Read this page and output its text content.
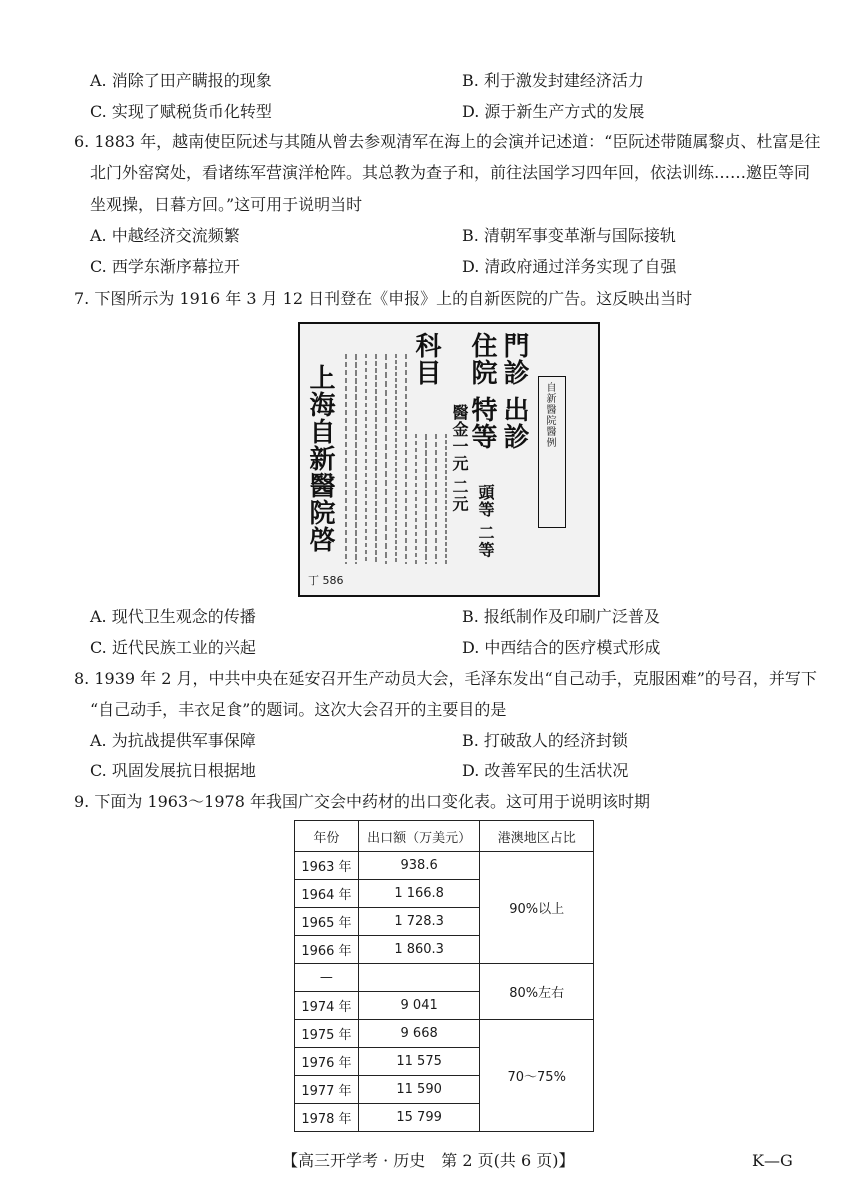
A. 消除了田产瞒报的现象	B. 利于激发封建经济活力
C. 实现了赋税货币化转型	D. 源于新生产方式的发展
6. 1883 年，越南使臣阮述与其随从曾去参观清军在海上的会演并记述道：“臣阮述带随属黎贞、杜富是往
北门外窑窝处，看诸练军营演洋枪阵。其总教为查子和，前往法国学习四年回，依法训练……邀臣等同
坐观操，日暮方回。”这可用于说明当时
A. 中越经济交流频繁	B. 清朝军事变革渐与国际接轨
C. 西学东渐序幕拉开	D. 清政府通过洋务实现了自强
7. 下图所示为 1916 年 3 月 12 日刊登在《申报》上的自新医院的广告。这反映出当时
自新醫院醫例
門診 出診
住院 特等
醫金一元 二元
頭等 二等
科目
上海自新醫院啓
丁 586
A. 现代卫生观念的传播	B. 报纸制作及印刷广泛普及
C. 近代民族工业的兴起	D. 中西结合的医疗模式形成
8. 1939 年 2 月，中共中央在延安召开生产动员大会，毛泽东发出“自己动手，克服困难”的号召，并写下
“自己动手，丰衣足食”的题词。这次大会召开的主要目的是
A. 为抗战提供军事保障	B. 打破敌人的经济封锁
C. 巩固发展抗日根据地	D. 改善军民的生活状况
9. 下面为 1963～1978 年我国广交会中药材的出口变化表。这可用于说明该时期
年份	出口额（万美元）	港澳地区占比
1963 年	938.6	90%以上
1964 年	1 166.8	
1965 年	1 728.3	
1966 年	1 860.3	
—		80%左右
1974 年	9 041	
1975 年	9 668	70～75%
1976 年	11 575	
1977 年	11 590	
1978 年	15 799	
【高三开学考 · 历史　第 2 页(共 6 页)】	K—G
